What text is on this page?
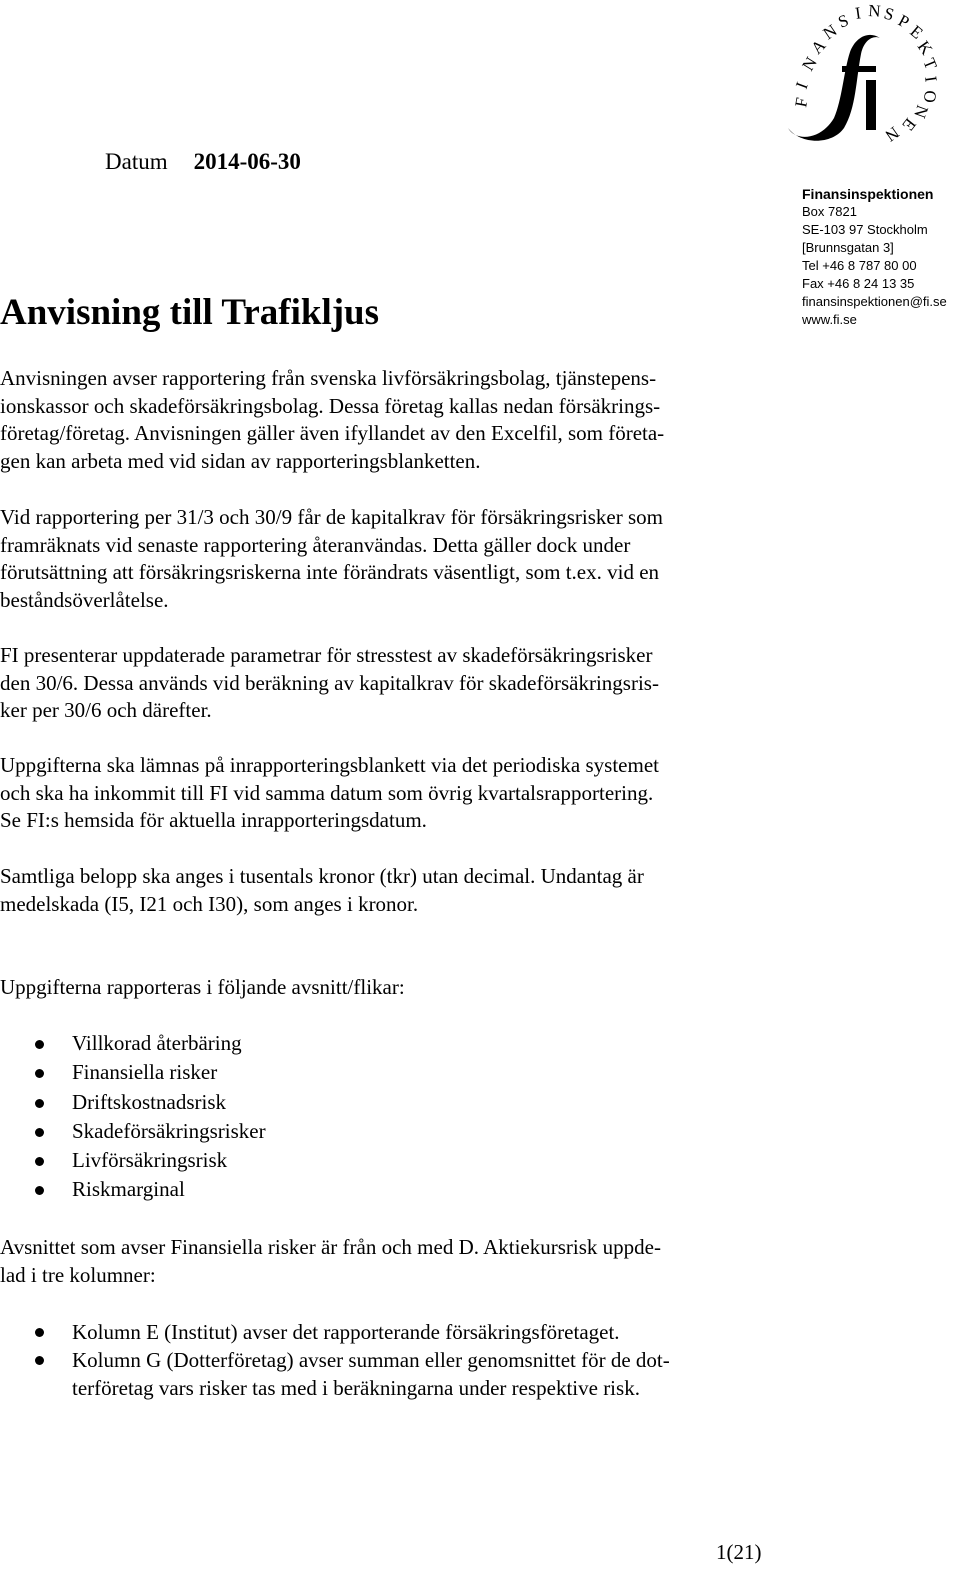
F
I
N
A
N
S I N S
P
E
K
T
I
O
N
E
N
Datum 2014-06-30
Finansinspektionen
Box 7821
SE-103 97 Stockholm
[Brunnsgatan 3]
Tel +46 8 787 80 00
Fax +46 8 24 13 35
finansinspektionen@fi.se
www.fi.se
Anvisning till Trafikljus

Anvisningen avser rapportering från svenska livförsäkringsbolag, tjänstepens-
ionskassor och skadeförsäkringsbolag. Dessa företag kallas nedan försäkrings-
företag/företag. Anvisningen gäller även ifyllandet av den Excelfil, som företa-
gen kan arbeta med vid sidan av rapporteringsblanketten.

Vid rapportering per 31/3 och 30/9 får de kapitalkrav för försäkringsrisker som
framräknats vid senaste rapportering återanvändas. Detta gäller dock under
förutsättning att försäkringsriskerna inte förändrats väsentligt, som t.ex. vid en
beståndsöverlåtelse.

FI presenterar uppdaterade parametrar för stresstest av skadeförsäkringsrisker
den 30/6. Dessa används vid beräkning av kapitalkrav för skadeförsäkringsris-
ker per 30/6 och därefter.

Uppgifterna ska lämnas på inrapporteringsblankett via det periodiska systemet
och ska ha inkommit till FI vid samma datum som övrig kvartalsrapportering.
Se FI:s hemsida för aktuella inrapporteringsdatum.

Samtliga belopp ska anges i tusentals kronor (tkr) utan decimal. Undantag är
medelskada (I5, I21 och I30), som anges i kronor.

Uppgifterna rapporteras i följande avsnitt/flikar:

Villkorad återbäring
Finansiella risker
Driftskostnadsrisk
Skadeförsäkringsrisker
Livförsäkringsrisk
Riskmarginal

Avsnittet som avser Finansiella risker är från och med D. Aktiekursrisk uppde-
lad i tre kolumner:

Kolumn E (Institut) avser det rapporterande försäkringsföretaget.
Kolumn G (Dotterföretag) avser summan eller genomsnittet för de dot-
terföretag vars risker tas med i beräkningarna under respektive risk.
1(21)
